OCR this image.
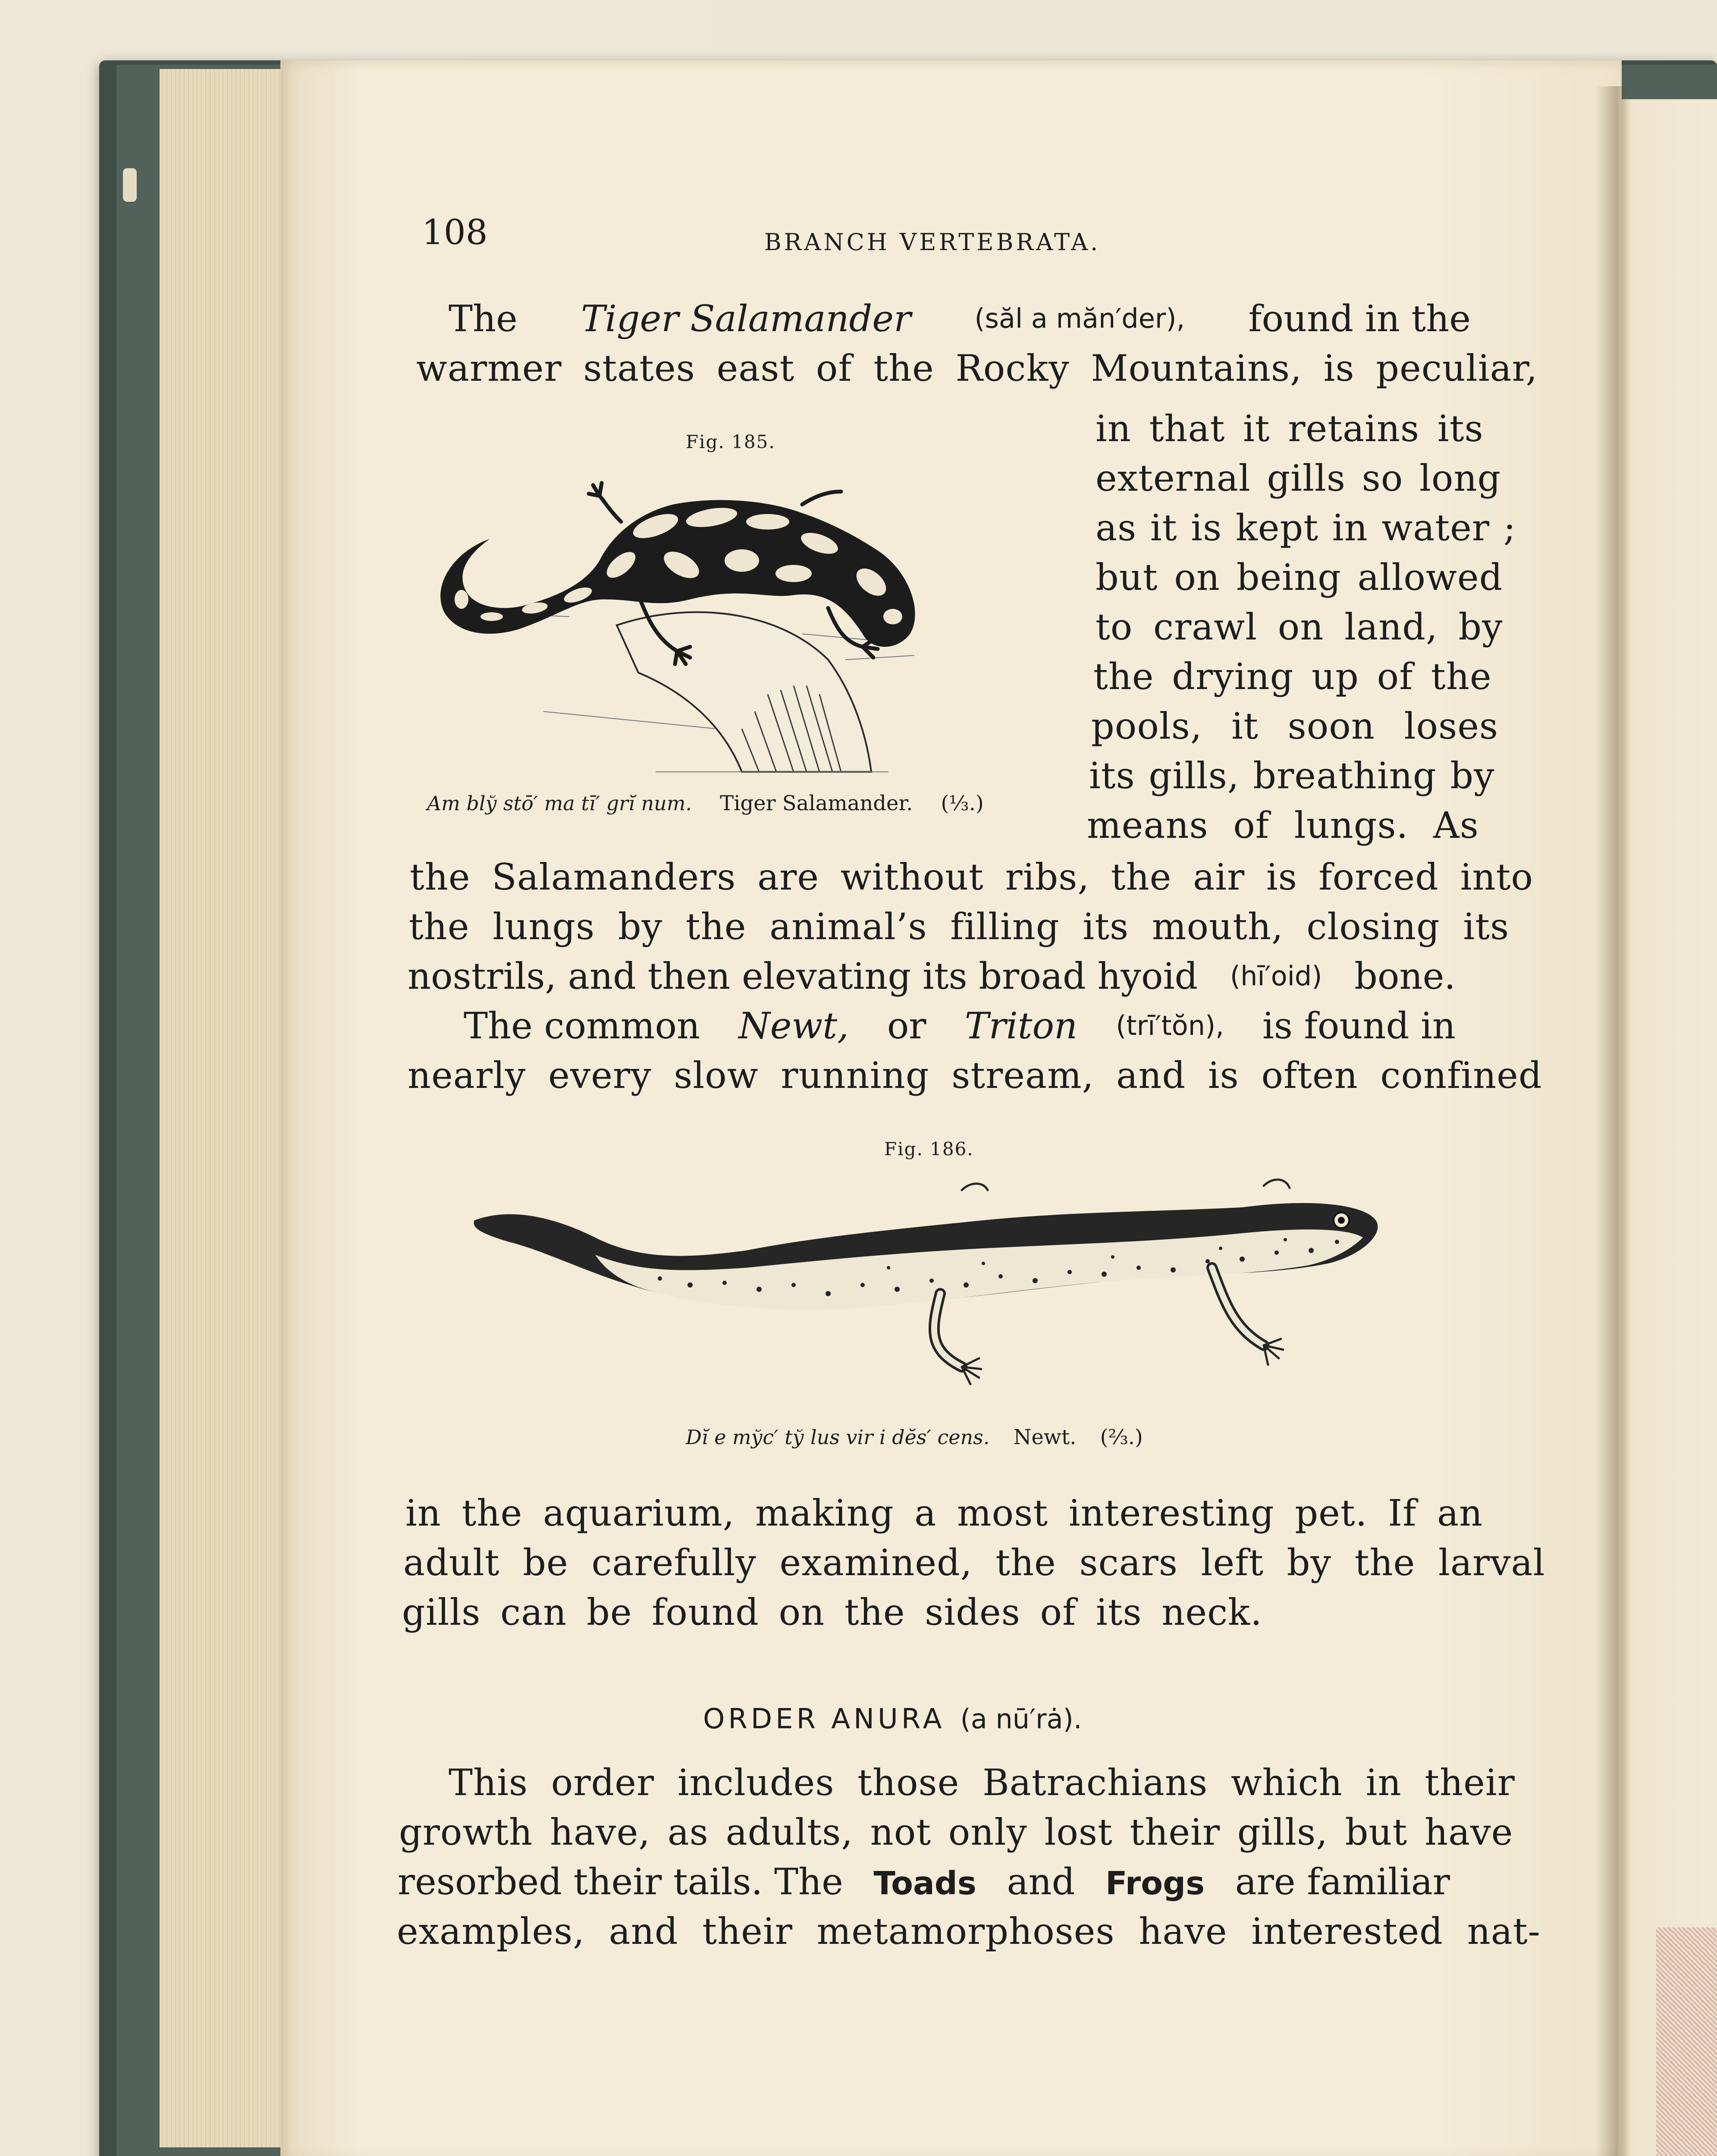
108	BRANCH VERTEBRATA.
The Tiger Salamander (săl a măn′der), found in the
warmer states east of the Rocky Mountains, is peculiar,
in that it retains its
external gills so long
as it is kept in water ;
but on being allowed
to crawl on land, by
the drying up of the
pools, it soon loses
its gills, breathing by
means of lungs. As
the Salamanders are without ribs, the air is forced into
the lungs by the animal’s filling its mouth, closing its
nostrils, and then elevating its broad hyoid (hī′oid) bone.
Fig. 185.
Am blў stō′ ma tī′ grĭ num. Tiger Salamander. (⅓.)
The common Newt, or Triton (trī′tŏn), is found in
nearly every slow running stream, and is often confined
Fig. 186.
Dĭ e mўc′ tў lus vir i dĕs′ cens. Newt. (⅔.)
in the aquarium, making a most interesting pet. If an
adult be carefully examined, the scars left by the larval
gills can be found on the sides of its neck.
ORDER ANURA (a nū′rȧ).
This order includes those Batrachians which in their
growth have, as adults, not only lost their gills, but have
resorbed their tails. The Toads and Frogs are familiar
examples, and their metamorphoses have interested nat-
